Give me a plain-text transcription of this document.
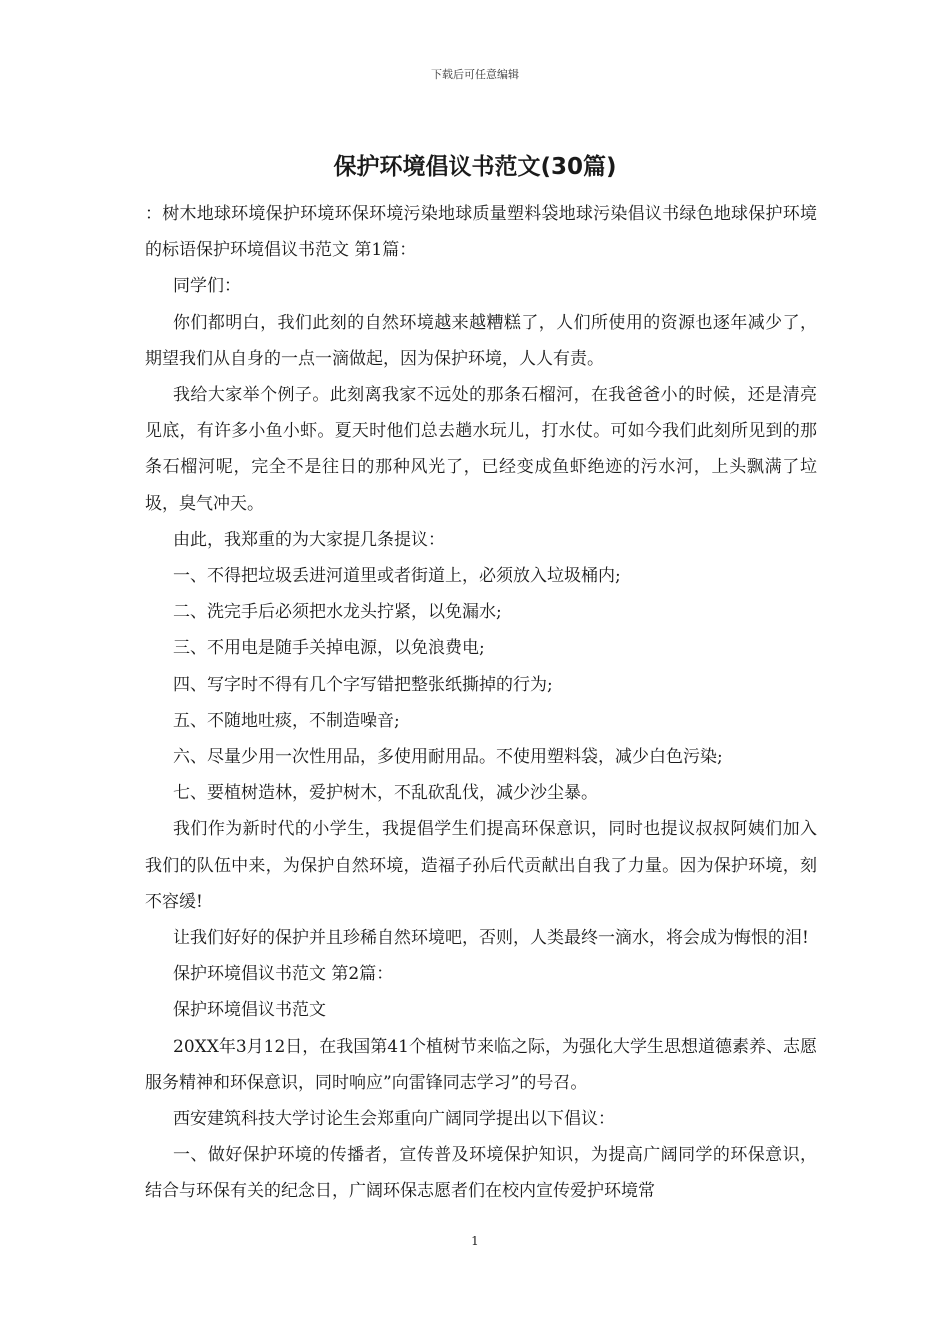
下载后可任意编辑
保护环境倡议书范文(30篇)

：树木地球环境保护环境环保环境污染地球质量塑料袋地球污染倡议书绿色地球保护环境的标语保护环境倡议书范文 第1篇：

同学们：

你们都明白，我们此刻的自然环境越来越糟糕了，人们所使用的资源也逐年减少了，期望我们从自身的一点一滴做起，因为保护环境，人人有责。

我给大家举个例子。此刻离我家不远处的那条石榴河，在我爸爸小的时候，还是清亮见底，有许多小鱼小虾。夏天时他们总去趟水玩儿，打水仗。可如今我们此刻所见到的那条石榴河呢，完全不是往日的那种风光了，已经变成鱼虾绝迹的污水河，上头飘满了垃圾，臭气冲天。

由此，我郑重的为大家提几条提议：

一、不得把垃圾丢进河道里或者街道上，必须放入垃圾桶内;

二、洗完手后必须把水龙头拧紧，以免漏水;

三、不用电是随手关掉电源，以免浪费电;

四、写字时不得有几个字写错把整张纸撕掉的行为;

五、不随地吐痰，不制造噪音;

六、尽量少用一次性用品，多使用耐用品。不使用塑料袋，减少白色污染;

七、要植树造林，爱护树木，不乱砍乱伐，减少沙尘暴。

我们作为新时代的小学生，我提倡学生们提高环保意识，同时也提议叔叔阿姨们加入我们的队伍中来，为保护自然环境，造福子孙后代贡献出自我了力量。因为保护环境，刻不容缓!

让我们好好的保护并且珍稀自然环境吧，否则，人类最终一滴水，将会成为悔恨的泪!

保护环境倡议书范文 第2篇：

保护环境倡议书范文

20XX年3月12日，在我国第41个植树节来临之际，为强化大学生思想道德素养、志愿服务精神和环保意识，同时响应”向雷锋同志学习”的号召。

西安建筑科技大学讨论生会郑重向广阔同学提出以下倡议：

一、做好保护环境的传播者，宣传普及环境保护知识，为提高广阔同学的环保意识，结合与环保有关的纪念日，广阔环保志愿者们在校内宣传爱护环境常

1
